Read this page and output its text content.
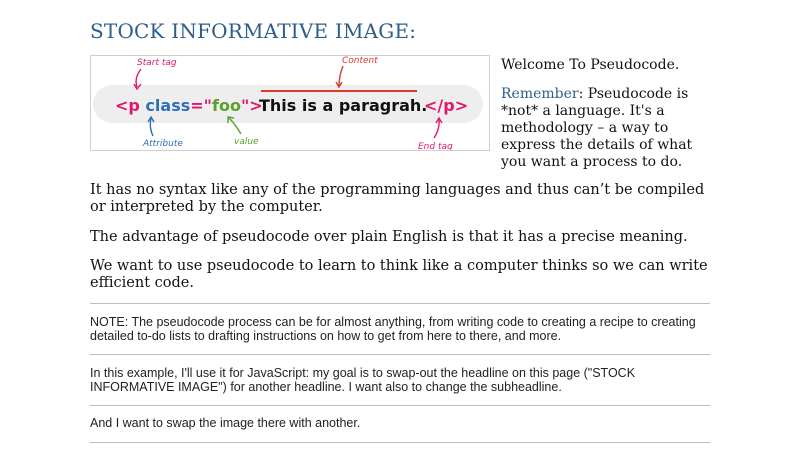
STOCK INFORMATIVE IMAGE:
<p class="foo">
This is a paragrah.
</p>
Start tag	Content
Attribute	value	End tag

Welcome To Pseudocode.

Remember: Pseudocode is *not* a language. It's a methodology – a way to express the details of what you want a process to do.

It has no syntax like any of the programming languages and thus can’t be compiled or interpreted by the computer.

The advantage of pseudocode over plain English is that it has a precise meaning.

We want to use pseudocode to learn to think like a computer thinks so we can write efficient code.

NOTE: The pseudocode process can be for almost anything, from writing code to creating a recipe to creating detailed to-do lists to drafting instructions on how to get from here to there, and more.

In this example, I'll use it for JavaScript: my goal is to swap-out the headline on this page ("STOCK INFORMATIVE IMAGE") for another headline. I want also to change the subheadline.

And I want to swap the image there with another.
